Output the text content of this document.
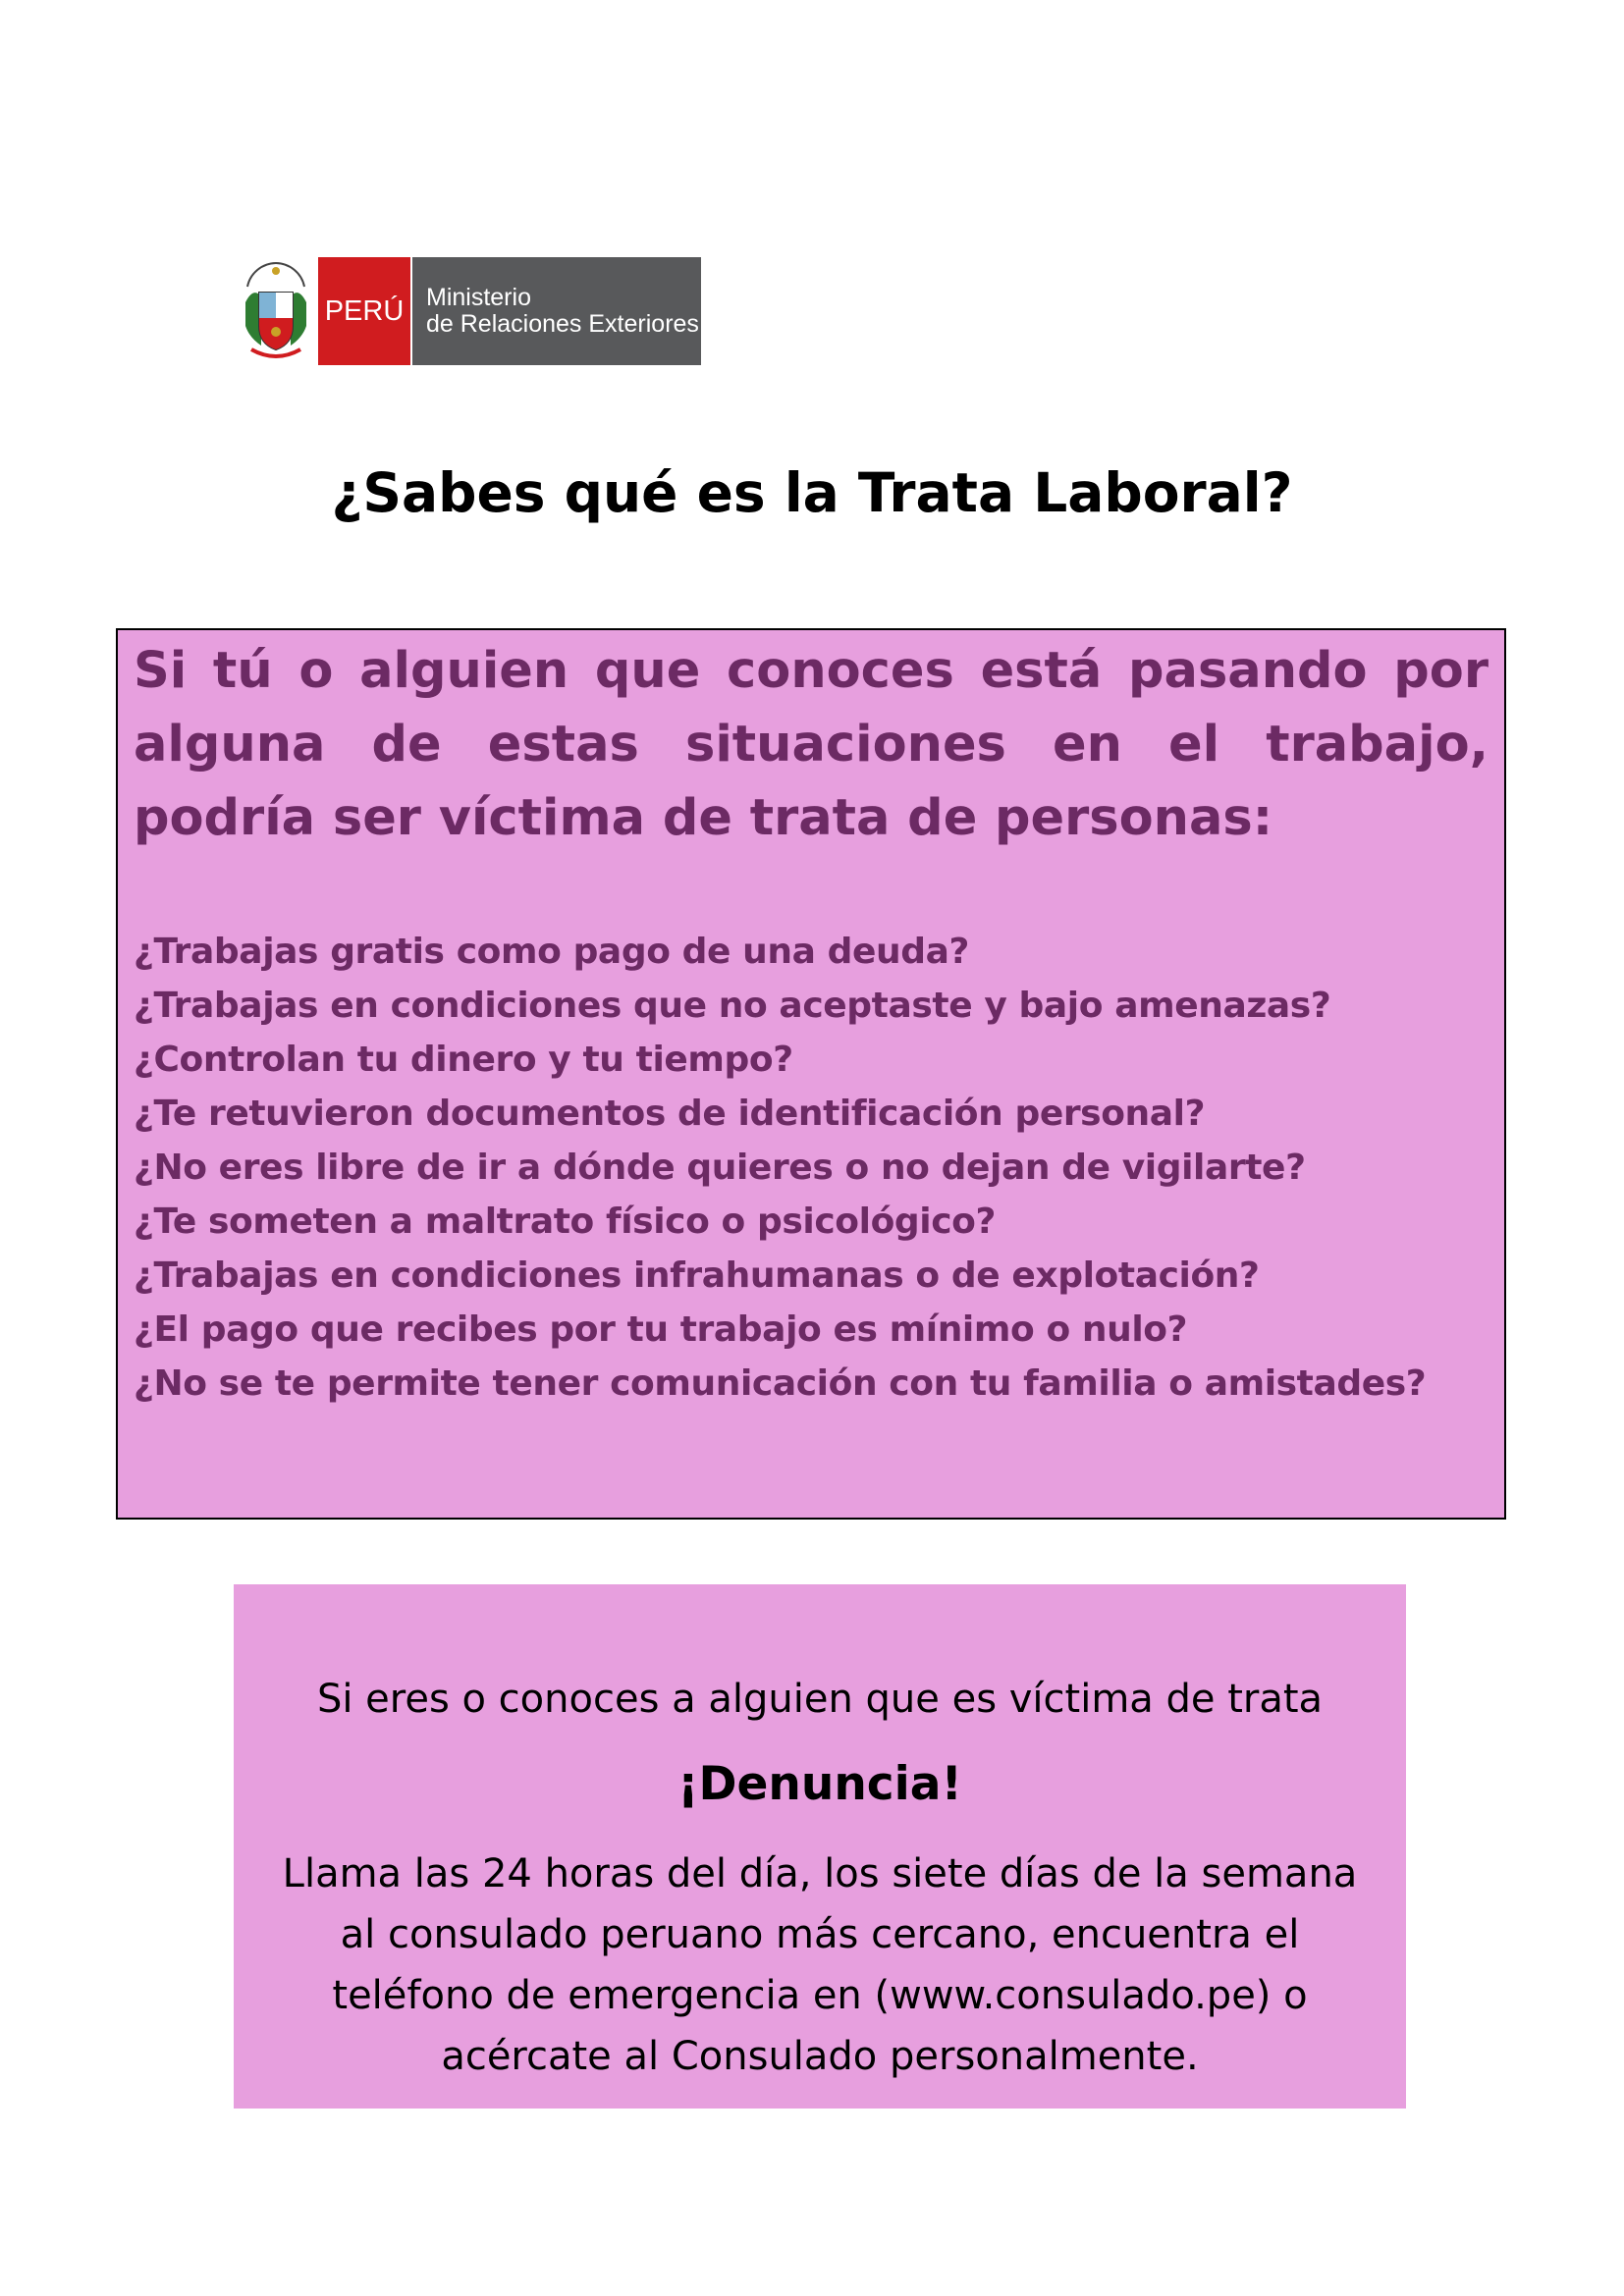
PERÚ Ministerio
de Relaciones Exteriores
¿Sabes qué es la Trata Laboral?

Si tú o alguien que conoces está pasando por alguna de estas situaciones en el trabajo, podría ser víctima de trata de personas:

¿Trabajas gratis como pago de una deuda?
¿Trabajas en condiciones que no aceptaste y bajo amenazas?
¿Controlan tu dinero y tu tiempo?
¿Te retuvieron documentos de identificación personal?
¿No eres libre de ir a dónde quieres o no dejan de vigilarte?
¿Te someten a maltrato físico o psicológico?
¿Trabajas en condiciones infrahumanas o de explotación?
¿El pago que recibes por tu trabajo es mínimo o nulo?
¿No se te permite tener comunicación con tu familia o amistades?

Si eres o conoces a alguien que es víctima de trata

¡Denuncia!

Llama las 24 horas del día, los siete días de la semana
al consulado peruano más cercano, encuentra el
teléfono de emergencia en (www.consulado.pe) o
acércate al Consulado personalmente.
